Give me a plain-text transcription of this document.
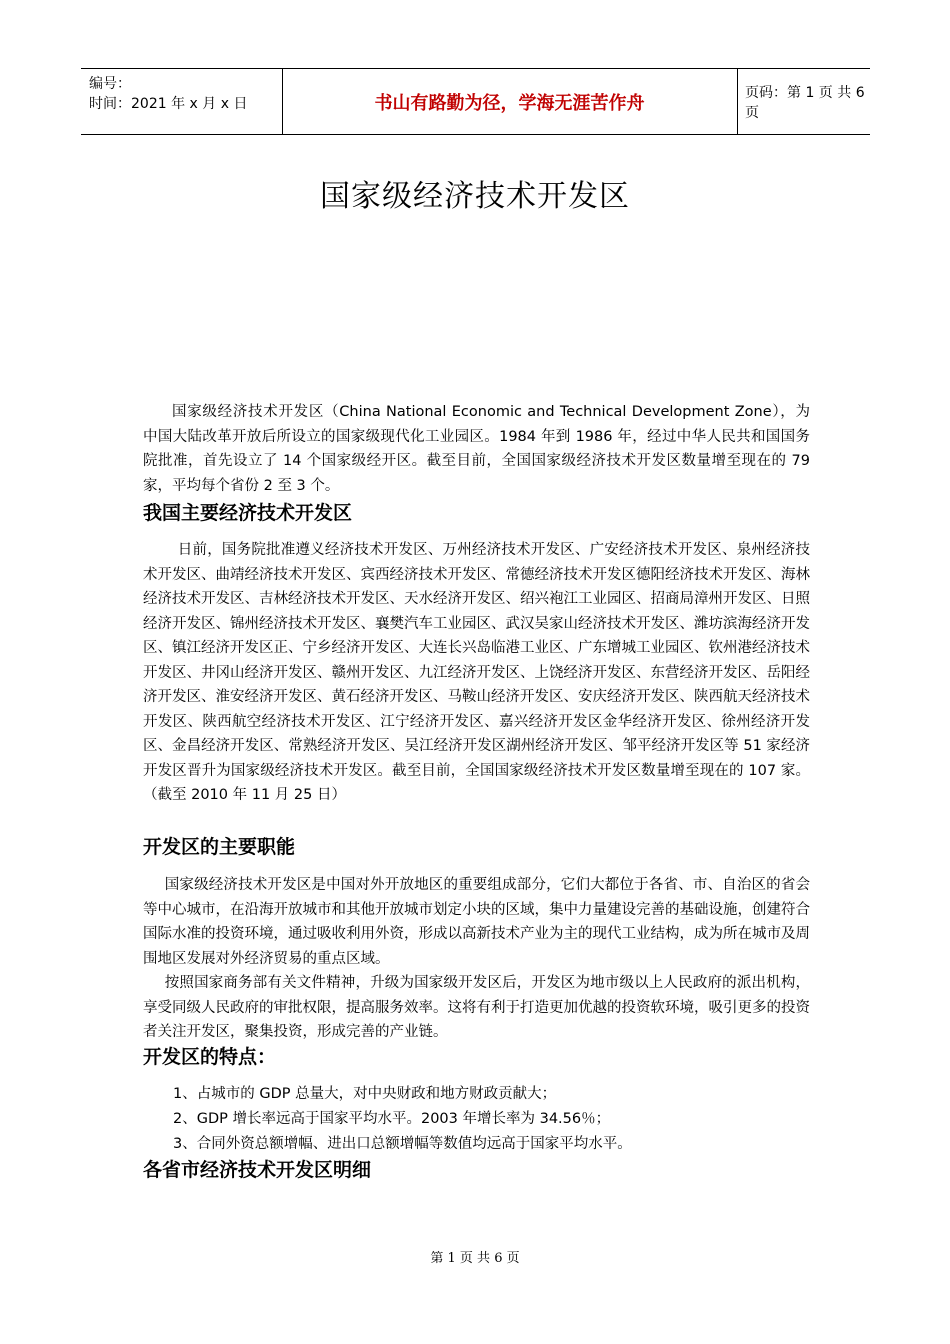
编号：
时间：2021 年 x 月 x 日	书山有路勤为径，学海无涯苦作舟	页码：第 1 页 共 6 页
国家级经济技术开发区

国家级经济技术开发区（China National Economic and Technical Development Zone），为中国大陆改革开放后所设立的国家级现代化工业园区。1984 年到 1986 年，经过中华人民共和国国务院批准，首先设立了 14 个国家级经开区。截至目前，全国国家级经济技术开发区数量增至现在的 79 家，平均每个省份 2 至 3 个。

我国主要经济技术开发区

日前，国务院批准遵义经济技术开发区、万州经济技术开发区、广安经济技术开发区、泉州经济技术开发区、曲靖经济技术开发区、宾西经济技术开发区、常德经济技术开发区德阳经济技术开发区、海林经济技术开发区、吉林经济技术开发区、天水经济开发区、绍兴袍江工业园区、招商局漳州开发区、日照经济开发区、锦州经济技术开发区、襄樊汽车工业园区、武汉吴家山经济技术开发区、潍坊滨海经济开发区、镇江经济开发区正、宁乡经济开发区、大连长兴岛临港工业区、广东增城工业园区、钦州港经济技术开发区、井冈山经济开发区、赣州开发区、九江经济开发区、上饶经济开发区、东营经济开发区、岳阳经济开发区、淮安经济开发区、黄石经济开发区、马鞍山经济开发区、安庆经济开发区、陕西航天经济技术开发区、陕西航空经济技术开发区、江宁经济开发区、嘉兴经济开发区金华经济开发区、徐州经济开发区、金昌经济开发区、常熟经济开发区、吴江经济开发区湖州经济开发区、邹平经济开发区等 51 家经济开发区晋升为国家级经济技术开发区。截至目前，全国国家级经济技术开发区数量增至现在的 107 家。（截至 2010 年 11 月 25 日）

开发区的主要职能

国家级经济技术开发区是中国对外开放地区的重要组成部分，它们大都位于各省、市、自治区的省会等中心城市，在沿海开放城市和其他开放城市划定小块的区域，集中力量建设完善的基础设施，创建符合国际水准的投资环境，通过吸收利用外资，形成以高新技术产业为主的现代工业结构，成为所在城市及周围地区发展对外经济贸易的重点区域。

按照国家商务部有关文件精神，升级为国家级开发区后，开发区为地市级以上人民政府的派出机构，享受同级人民政府的审批权限，提高服务效率。这将有利于打造更加优越的投资软环境，吸引更多的投资者关注开发区，聚集投资，形成完善的产业链。

开发区的特点：

1、占城市的 GDP 总量大，对中央财政和地方财政贡献大；

2、GDP 增长率远高于国家平均水平。2003 年增长率为 34.56％；

3、合同外资总额增幅、进出口总额增幅等数值均远高于国家平均水平。

各省市经济技术开发区明细
第 1 页 共 6 页
